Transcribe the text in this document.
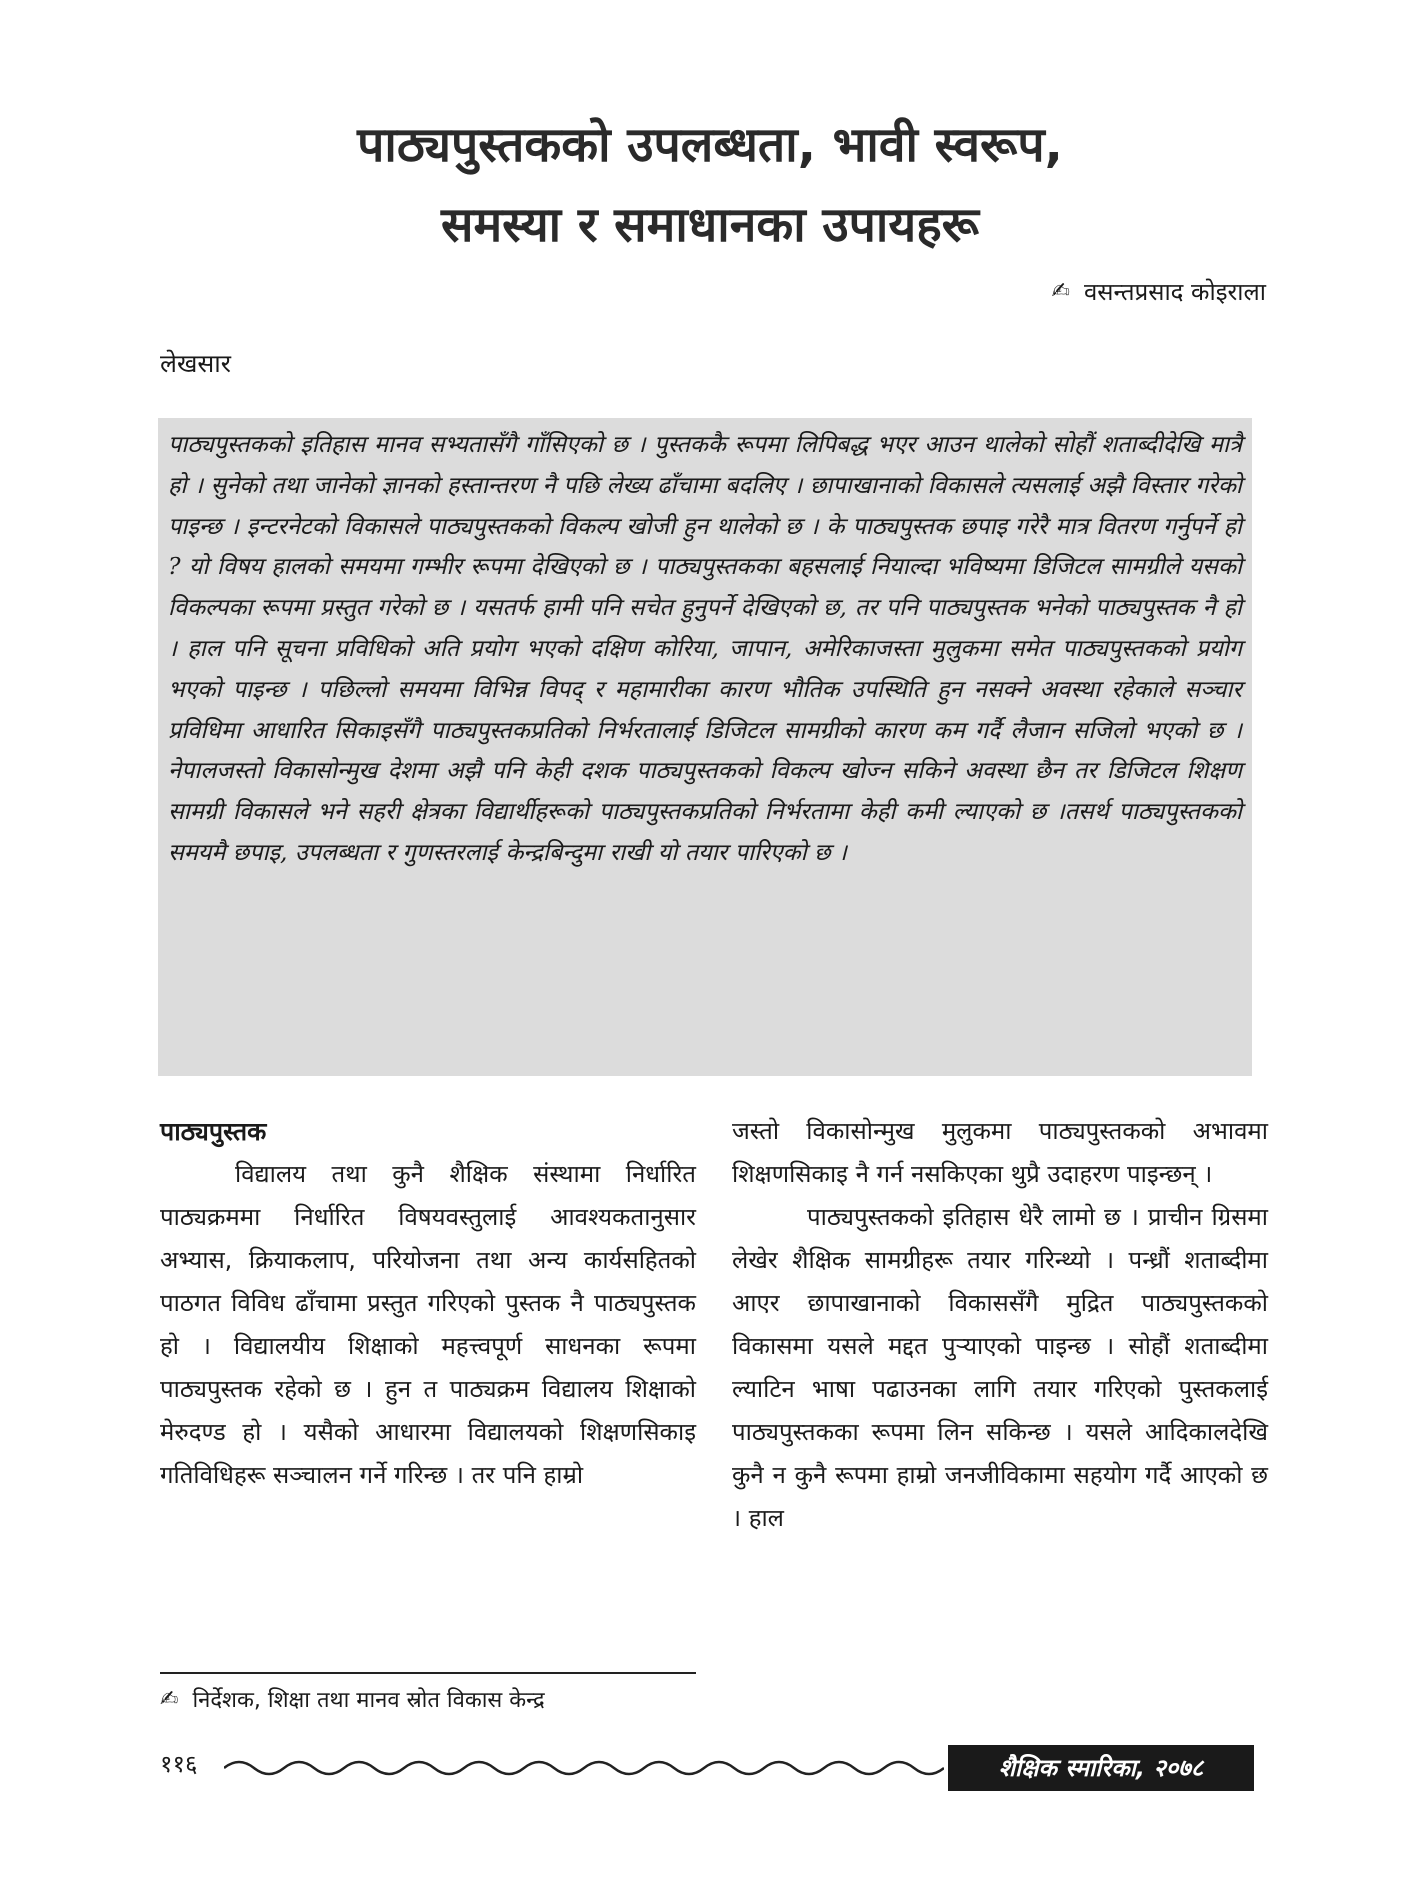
पाठ्यपुस्तकको उपलब्धता, भावी स्वरूप,
समस्या र समाधानका उपायहरू
✍ वसन्तप्रसाद कोइराला
लेखसार

पाठ्यपुस्तकको इतिहास मानव सभ्यतासँगै गाँसिएको छ । पुस्तककै रूपमा लिपिबद्ध भएर आउन थालेको सोहौं शताब्दीदेखि मात्रै हो । सुनेको तथा जानेको ज्ञानको हस्तान्तरण नै पछि लेख्य ढाँचामा बदलिए । छापाखानाको विकासले त्यसलाई अझै विस्तार गरेको पाइन्छ । इन्टरनेटको विकासले पाठ्यपुस्तकको विकल्प खोजी हुन थालेको छ । के पाठ्यपुस्तक छपाइ गरेरै मात्र वितरण गर्नुपर्ने हो ? यो विषय हालको समयमा गम्भीर रूपमा देखिएको छ । पाठ्यपुस्तकका बहसलाई नियाल्दा भविष्यमा डिजिटल सामग्रीले यसको विकल्पका रूपमा प्रस्तुत गरेको छ । यसतर्फ हामी पनि सचेत हुनुपर्ने देखिएको छ, तर पनि पाठ्यपुस्तक भनेको पाठ्यपुस्तक नै हो । हाल पनि सूचना प्रविधिको अति प्रयोग भएको दक्षिण कोरिया, जापान, अमेरिकाजस्ता मुलुकमा समेत पाठ्यपुस्तकको प्रयोग भएको पाइन्छ । पछिल्लो समयमा विभिन्न विपद् र महामारीका कारण भौतिक उपस्थिति हुन नसक्ने अवस्था रहेकाले सञ्चार प्रविधिमा आधारित सिकाइसँगै पाठ्यपुस्तकप्रतिको निर्भरतालाई डिजिटल सामग्रीको कारण कम गर्दै लैजान सजिलो भएको छ । नेपालजस्तो विकासोन्मुख देशमा अझै पनि केही दशक पाठ्यपुस्तकको विकल्प खोज्न सकिने अवस्था छैन तर डिजिटल शिक्षण सामग्री विकासले भने सहरी क्षेत्रका विद्यार्थीहरूको पाठ्यपुस्तकप्रतिको निर्भरतामा केही कमी ल्याएको छ ।तसर्थ पाठ्यपुस्तकको समयमै छपाइ, उपलब्धता र गुणस्तरलाई केन्द्रबिन्दुमा राखी यो तयार पारिएको छ ।

पाठ्यपुस्तक

विद्यालय तथा कुनै शैक्षिक संस्थामा निर्धारित पाठ्यक्रममा निर्धारित विषयवस्तुलाई आवश्यकतानुसार अभ्यास, क्रियाकलाप, परियोजना तथा अन्य कार्यसहितको पाठगत विविध ढाँचामा प्रस्तुत गरिएको पुस्तक नै पाठ्यपुस्तक हो । विद्यालयीय शिक्षाको महत्त्वपूर्ण साधनका रूपमा पाठ्यपुस्तक रहेको छ । हुन त पाठ्यक्रम विद्यालय शिक्षाको मेरुदण्ड हो । यसैको आधारमा विद्यालयको शिक्षणसिकाइ गतिविधिहरू सञ्चालन गर्ने गरिन्छ । तर पनि हाम्रो

जस्तो विकासोन्मुख मुलुकमा पाठ्यपुस्तकको अभावमा शिक्षणसिकाइ नै गर्न नसकिएका थुप्रै उदाहरण पाइन्छन् ।

पाठ्यपुस्तकको इतिहास धेरै लामो छ । प्राचीन ग्रिसमा लेखेर शैक्षिक सामग्रीहरू तयार गरिन्थ्यो । पन्ध्रौं शताब्दीमा आएर छापाखानाको विकाससँगै मुद्रित पाठ्यपुस्तकको विकासमा यसले मद्दत पुर्‍याएको पाइन्छ । सोहौं शताब्दीमा ल्याटिन भाषा पढाउनका लागि तयार गरिएको पुस्तकलाई पाठ्यपुस्तकका रूपमा लिन सकिन्छ । यसले आदिकालदेखि कुनै न कुनै रूपमा हाम्रो जनजीविकामा सहयोग गर्दै आएको छ । हाल

✍ निर्देशक, शिक्षा तथा मानव स्रोत विकास केन्द्र
११६	शैक्षिक स्मारिका, २०७८
